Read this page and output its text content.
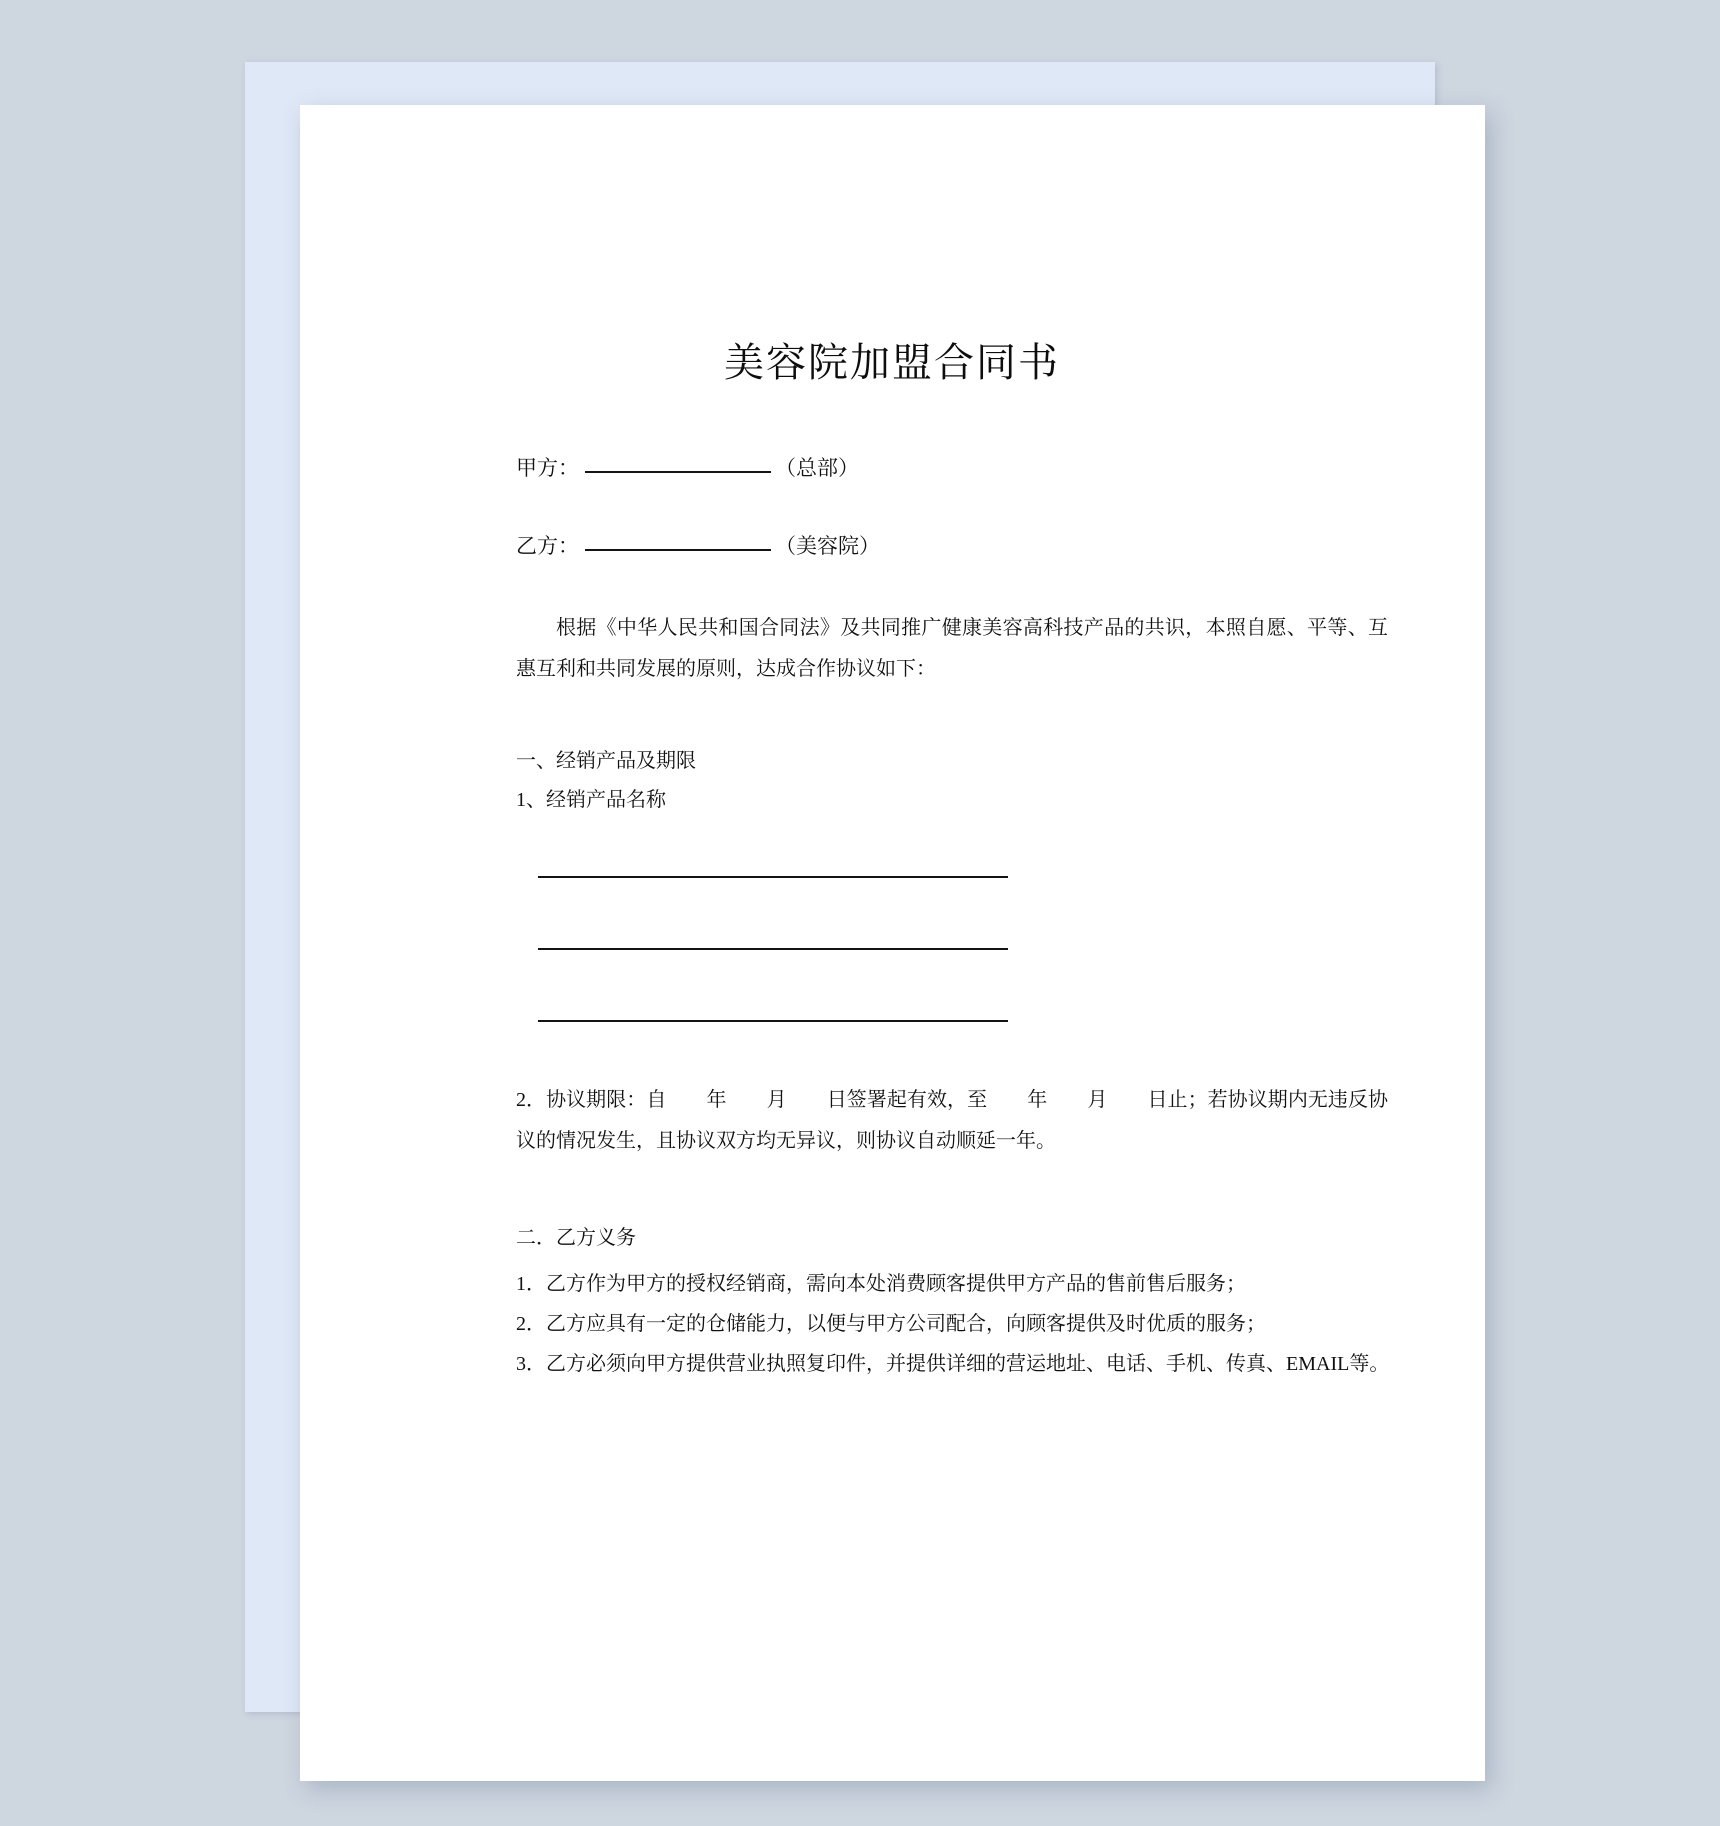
美容院加盟合同书

甲方：	（总部）

乙方：	（美容院）

根据《中华人民共和国合同法》及共同推广健康美容高科技产品的共识，本照自愿、平等、互惠互利和共同发展的原则，达成合作协议如下：

一、经销产品及期限

1、经销产品名称

2．协议期限：自　　年　　月　　日签署起有效，至　　年　　月　　日止；若协议期内无违反协议的情况发生，且协议双方均无异议，则协议自动顺延一年。

二．乙方义务

1．乙方作为甲方的授权经销商，需向本处消费顾客提供甲方产品的售前售后服务；

2．乙方应具有一定的仓储能力，以便与甲方公司配合，向顾客提供及时优质的服务；

3．乙方必须向甲方提供营业执照复印件，并提供详细的营运地址、电话、手机、传真、EMAIL等。
